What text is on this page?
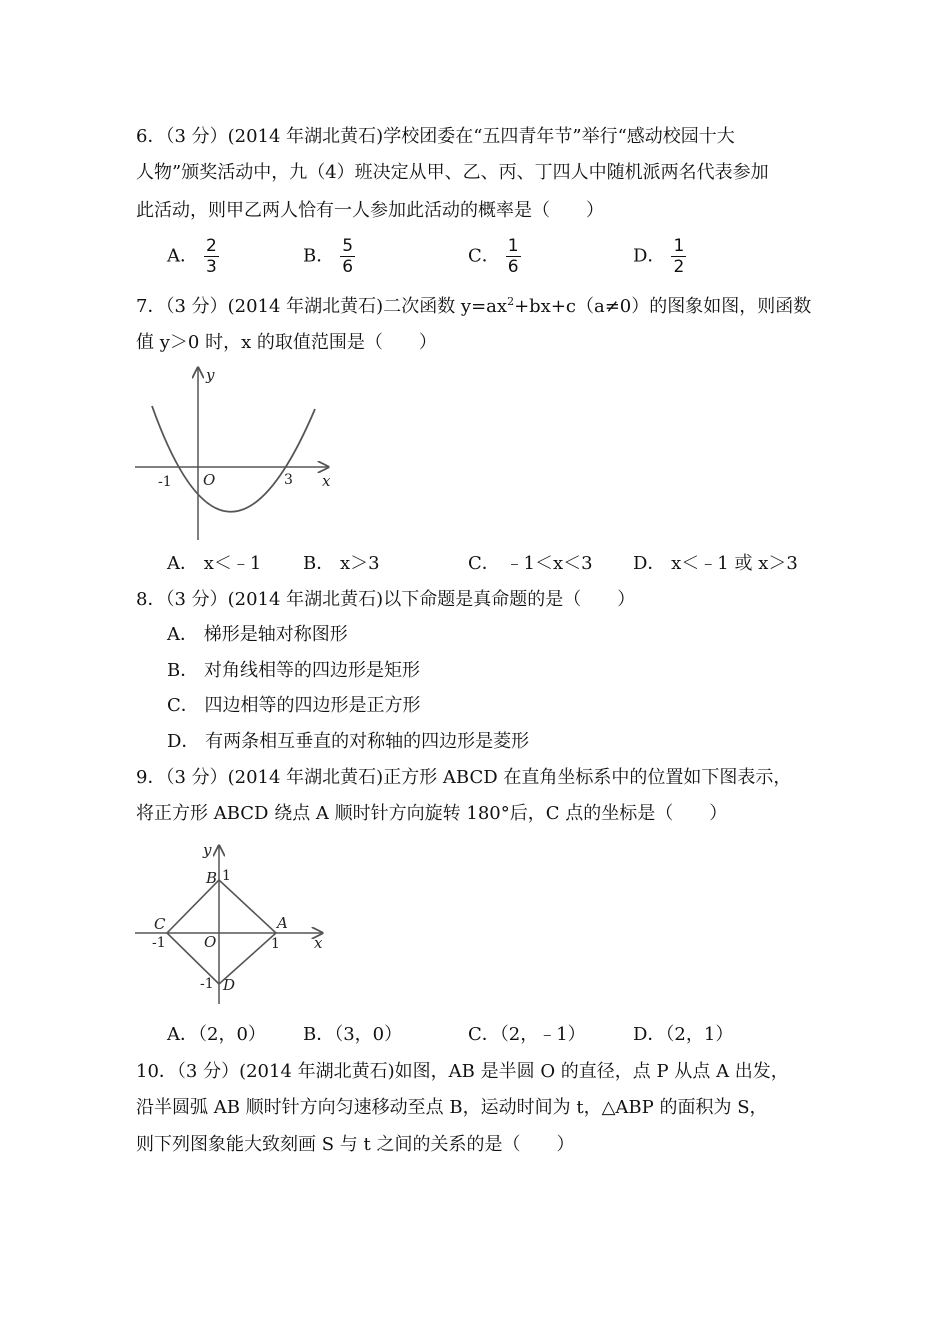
6．（3 分）(2014 年湖北黄石)学校团委在“五四青年节”举行“感动校园十大
人物”颁奖活动中，九（4）班决定从甲、乙、丙、丁四人中随机派两名代表参加
此活动，则甲乙两人恰有一人参加此活动的概率是（　　）
A． $\frac{2}{3}$	B． $\frac{5}{6}$	C． $\frac{1}{6}$	D． $\frac{1}{2}$
7．（3 分）(2014 年湖北黄石)二次函数 $y=ax^2+bx+c(a\ne 0)$的图象如图，则函数
值 y＞0 时，x 的取值范围是（　　）
y
x
O
-1	3
A． x＜﹣1 B． x＞3	C． ﹣1＜x＜3 D． x＜﹣1 或 x＞3
8．（3 分）(2014 年湖北黄石)以下命题是真命题的是（　　）
A． 梯形是轴对称图形
B． 对角线相等的四边形是矩形
C． 四边相等的四边形是正方形
D． 有两条相互垂直的对称轴的四边形是菱形
9．（3 分）(2014 年湖北黄石)正方形 ABCD 在直角坐标系中的位置如下图表示，
将正方形 ABCD 绕点 A 顺时针方向旋转 180°后，C 点的坐标是（　　）
y
x
O
B 1
C
-1
A
1
-1 D
A．（2，0） B．（3，0）	C．（2，﹣1）	D．（2，1）
10．（3 分）(2014 年湖北黄石)如图，AB 是半圆 O 的直径，点 P 从点 A 出发，
沿半圆弧 AB 顺时针方向匀速移动至点 B，运动时间为 t，△ABP 的面积为 S，
则下列图象能大致刻画 S 与 t 之间的关系的是（　　）
